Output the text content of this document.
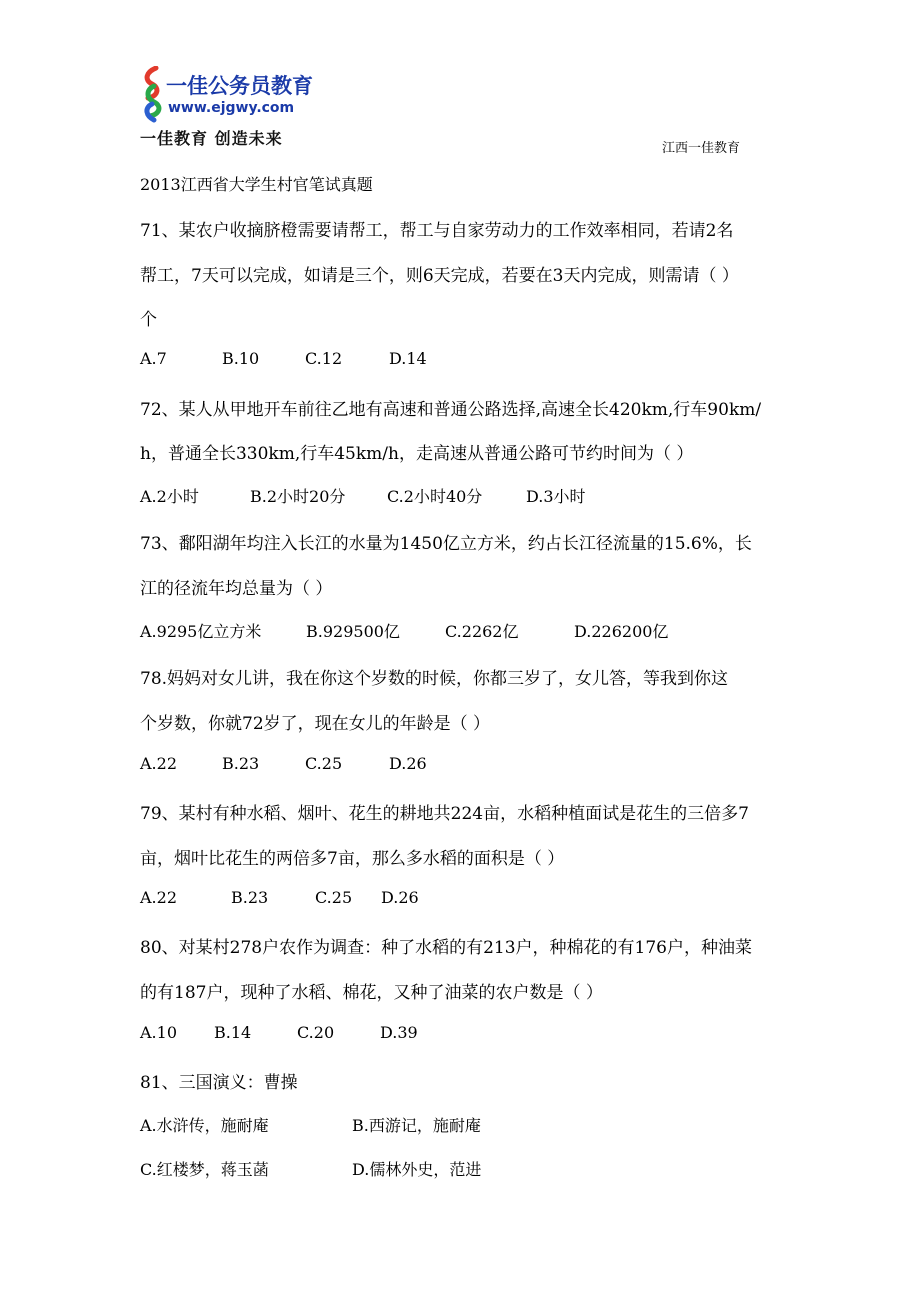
一佳公务员教育
www.ejgwy.com
一佳教育 创造未来
江西一佳教育
2013江西省大学生村官笔试真题
71、某农户收摘脐橙需要请帮工，帮工与自家劳动力的工作效率相同，若请2名
帮工，7天可以完成，如请是三个，则6天完成，若要在3天内完成，则需请（ ）
个
A.7	B.10	C.12	D.14
72、某人从甲地开车前往乙地有高速和普通公路选择,高速全长420km,行车90km/
h，普通全长330km,行车45km/h，走高速从普通公路可节约时间为（ ）
A.2小时	B.2小时20分	C.2小时40分	D.3小时
73、鄱阳湖年均注入长江的水量为1450亿立方米，约占长江径流量的15.6%，长
江的径流年均总量为（ ）
A.9295亿立方米	B.929500亿	C.2262亿	D.226200亿
78.妈妈对女儿讲，我在你这个岁数的时候，你都三岁了，女儿答，等我到你这
个岁数，你就72岁了，现在女儿的年龄是（ ）
A.22	B.23	C.25	D.26
79、某村有种水稻、烟叶、花生的耕地共224亩，水稻种植面试是花生的三倍多7
亩，烟叶比花生的两倍多7亩，那么多水稻的面积是（ ）
A.22	B.23	C.25 D.26
80、对某村278户农作为调查：种了水稻的有213户，种棉花的有176户，种油菜
的有187户，现种了水稻、棉花，又种了油菜的农户数是（ ）
A.10 B.14	C.20	D.39
81、三国演义：曹操
A.水浒传，施耐庵	B.西游记，施耐庵
C.红楼梦，蒋玉菡	D.儒林外史，范进
